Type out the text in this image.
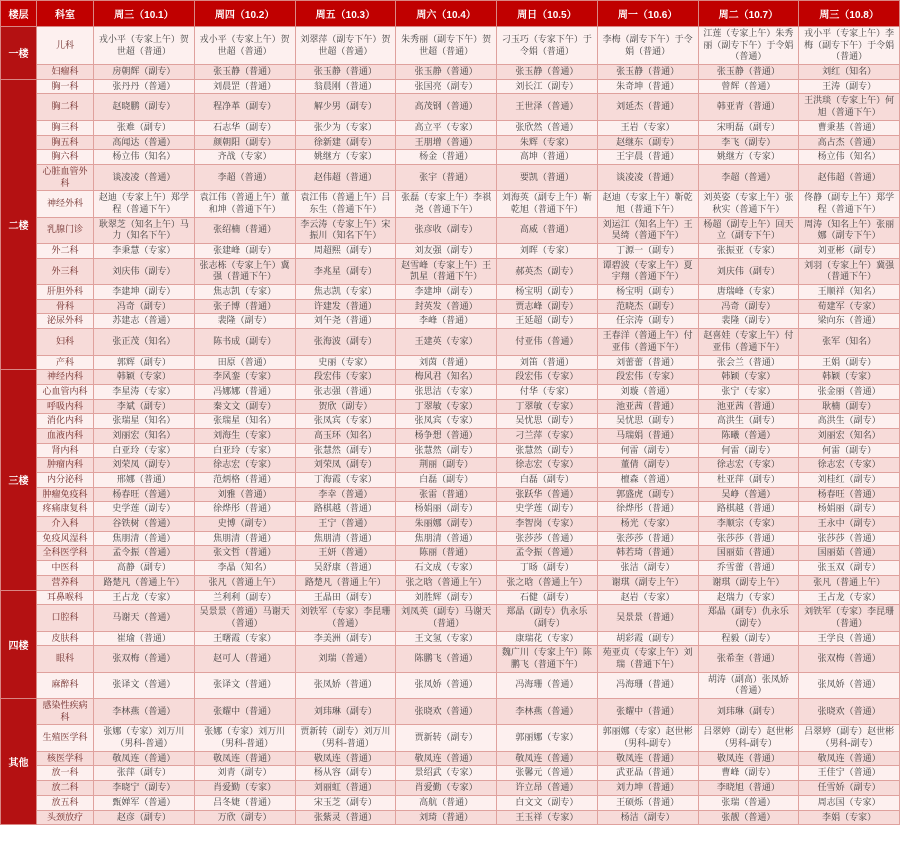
楼层	科室	周三（10.1）	周四（10.2）	周五（10.3）	周六（10.4）	周日（10.5）	周一（10.6）	周二（10.7）	周三（10.8）
一楼	儿科	戎小平（专家上午）贺世超（普通）	戎小平（专家上午）贺世超（普通）	刘翠萍（副专下午）贺世超（普通）	朱秀丽（副专下午）贺世超（普通）	刁玉巧（专家下午）于令娟（普通）	李梅（副专下午）于令娟（普通）	江莲（专家上午）朱秀丽（副专下午）于令娟（普通）	戎小平（专家上午）李梅（副专下午）于令娟（普通）
	妇瘤科	房朝辉（副专）	张玉静（普通）	张玉静（普通）	张玉静（普通）	张玉静（普通）	张玉静（普通）	张玉静（普通）	刘红（知名）
二楼	胸一科	张丹丹（普通）	刘晨罡（普通）	翁晨刚（普通）	张国亮（副专）	刘长江（副专）	朱奇坤（普通）	曾辉（普通）	王涛（副专）
	胸二科	赵晓鹏（副专）	程净革（副专）	解少男（副专）	高茂钢（普通）	王世泽（普通）	刘延杰（普通）	韩亚青（普通）	王洪琰（专家上午）何旭（普通下午）
	胸三科	张难（副专）	石志华（副专）	张少为（专家）	高立平（专家）	张欣然（普通）	王岩（专家）	宋明磊（副专）	曹秉基（普通）
	胸五科	高闻达（普通）	颜朝阳（副专）	徐新建（副专）	王朋增（普通）	朱辉（专家）	赵继东（副专）	李飞（副专）	高占杰（普通）
	胸六科	杨立伟（知名）	齐战（专家）	姚继方（专家）	杨金（普通）	高坤（普通）	王宇晨（普通）	姚继方（专家）	杨立伟（知名）
	心脏血管外科	谈凌凌（普通）	李超（普通）	赵伟超（普通）	张宇（普通）	要凯（普通）	谈凌凌（普通）	李超（普通）	赵伟超（普通）
	神经外科	赵迪（专家上午）郑学程（普通下午）	袁江伟（普通上午）董和坤（普通下午）	袁江伟（普通上午）吕东生（普通下午）	张磊（专家上午）李祺尧（普通下午）	刘海英（副专上午）靳乾旭（普通下午）	赵迪（专家上午）靳乾旭（普通下午）	刘英姿（专家上午）张秋实（普通下午）	佟静（副专上午）郑学程（普通下午）
	乳腺门诊	耿翠芝（知名上午）马力（知名下午）	张绍楠（普通）	李云涛（专家上午）宋振川（知名下午）	张彦收（副专）	高威（普通）	刘运江（知名上午）王昊绮（普通下午）	杨超（副专上午）回天立（副专下午）	周涛（知名上午）张丽娜（副专下午）
	外二科	李秉慧（专家）	张建峰（副专）	周超熙（副专）	刘友强（副专）	刘晖（专家）	丁源一（副专）	张振亚（专家）	刘亚彬（副专）
	外三科	刘庆伟（副专）	张志栋（专家上午）冀强（普通下午）	李兆星（副专）	赵雪峰（专家上午）王凯星（普通下午）	郝英杰（副专）	谭碧波（专家上午）夏宇翔（普通下午）	刘庆伟（副专）	刘羽（专家上午）冀强（普通下午）
	肝胆外科	李建坤（副专）	焦志凯（专家）	焦志凯（专家）	李建坤（副专）	杨宝明（副专）	杨宝明（副专）	唐瑞峰（专家）	王顺祥（知名）
	骨科	冯奇（副专）	张子博（普通）	许建发（普通）	封英发（普通）	贾志峰（副专）	范晓杰（副专）	冯奇（副专）	荀建军（专家）
	泌尿外科	苏建志（普通）	裴隆（副专）	刘午尧（普通）	李峰（普通）	王延超（副专）	任宗涛（副专）	裴隆（副专）	梁向东（普通）
	妇科	张正茂（知名）	陈书成（副专）	张海波（副专）	王建英（专家）	付亚伟（普通）	王春洋（普通上午）付亚伟（普通下午）	赵喜娃（专家上午）付亚伟（普通下午）	张军（知名）
	产科	郭辉（副专）	田原（普通）	史丽（专家）	刘茵（普通）	刘笛（普通）	刘蕾蕾（普通）	张会兰（普通）	王娟（副专）
三楼	神经内科	韩颖（专家）	李风銮（专家）	段宏伟（专家）	梅风君（知名）	段宏伟（专家）	段宏伟（专家）	韩颖（专家）	韩颖（专家）
	心血管内科	李星涛（专家）	冯娜娜（普通）	张志强（普通）	张思洁（专家）	付华（专家）	刘璇（普通）	张宁（专家）	张金丽（普通）
	呼吸内科	李斌（副专）	秦文文（副专）	贺欣（副专）	丁翠敏（专家）	丁翠敏（专家）	池亚茜（普通）	池亚茜（普通）	耿楠（副专）
	消化内科	张瑞星（知名）	张瑞星（知名）	张凤宾（专家）	张凤宾（专家）	吴忧思（副专）	吴忧思（副专）	高洪生（副专）	高洪生（副专）
	血液内科	刘丽宏（知名）	刘海生（专家）	高玉环（知名）	杨争想（普通）	刁兰萍（专家）	马瑞娟（普通）	陈曦（普通）	刘丽宏（知名）
	肾内科	白亚玲（专家）	白亚玲（专家）	张慧然（副专）	张慧然（副专）	张慧然（副专）	何雷（副专）	何雷（副专）	何雷（副专）
	肿瘤内科	刘荣凤（副专）	徐志宏（专家）	刘荣凤（副专）	荆丽（副专）	徐志宏（专家）	董倩（副专）	徐志宏（专家）	徐志宏（专家）
	内分泌科	邢娜（普通）	范炳格（普通）	丁海霞（专家）	白磊（副专）	白磊（副专）	檀森（普通）	杜亚萍（副专）	刘桂红（副专）
	肿瘤免疫科	杨春旺（普通）	刘雅（普通）	李幸（普通）	张雷（普通）	张跃华（普通）	郭盛虎（副专）	吴峥（普通）	杨春旺（普通）
	疼痛康复科	史学莲（副专）	徐烨彤（普通）	路棋越（普通）	杨娟丽（副专）	史学莲（副专）	徐烨彤（普通）	路棋越（普通）	杨娟丽（副专）
	介入科	谷铁树（普通）	史博（副专）	王宁（普通）	朱丽娜（副专）	李智岗（专家）	杨光（专家）	李顺宗（专家）	王永中（副专）
	免疫风湿科	焦朋清（普通）	焦朋清（普通）	焦朋清（普通）	焦朋清（普通）	张莎莎（普通）	张莎莎（普通）	张莎莎（普通）	张莎莎（普通）
	全科医学科	孟令振（普通）	张文哲（普通）	王妍（普通）	陈丽（普通）	孟令振（普通）	韩若琦（普通）	国丽茹（普通）	国丽茹（普通）
	中医科	高静（副专）	李晶（知名）	吴舒康（普通）	石文成（专家）	丁旸（副专）	张洁（副专）	乔雪蕾（普通）	张玉双（副专）
	营养科	路楚凡（普通上午）	张凡（普通上午）	路楚凡（普通上午）	张之晗（普通上午）	张之晗（普通上午）	谢琪（副专上午）	谢琪（副专上午）	张凡（普通上午）
四楼	耳鼻喉科	王占龙（专家）	兰利利（副专）	王晶田（副专）	刘胜辉（副专）	石健（副专）	赵岩（专家）	赵瑞力（专家）	王占龙（专家）
	口腔科	马谢天（普通）	吴景景（普通）马谢天（普通）	刘铁军（专家）李昆珊（普通）	刘凤英（副专）马谢天（普通）	郑晶（副专）仇永乐（副专）	吴景景（普通）	郑晶（副专）仇永乐（副专）	刘铁军（专家）李昆珊（普通）
	皮肤科	崔瑜（普通）	王曙霞（专家）	李美洲（副专）	王文氢（专家）	康瑞花（专家）	胡彩霞（副专）	程毅（副专）	王学良（普通）
	眼科	张双梅（普通）	赵可人（普通）	刘瑞（普通）	陈鹏飞（普通）	魏广川（专家上午）陈鹏飞（普通下午）	苑亚贞（专家上午）刘瑞（普通下午）	张希奎（普通）	张双梅（普通）
	麻醉科	张译文（普通）	张译文（普通）	张凤娇（普通）	张凤娇（普通）	冯海珊（普通）	冯海珊（普通）	胡涛（副高）张凤娇（普通）	张凤娇（普通）
其他	感染性疾病科	李林燕（普通）	张耀中（普通）	刘玮琳（副专）	张晓欢（普通）	李林燕（普通）	张耀中（普通）	刘玮琳（副专）	张晓欢（普通）
	生殖医学科	张娜（专家）刘万川（男科-普通）	张娜（专家）刘万川（男科-普通）	贾新转（副专）刘万川（男科-普通）	贾新转（副专）	郭丽娜（专家）	郭丽娜（专家）赵世彬（男科-副专）	吕翠婷（副专）赵世彬（男科-副专）	吕翠婷（副专）赵世彬（男科-副专）
	核医学科	敬凤连（普通）	敬凤连（普通）	敬凤连（普通）	敬凤连（普通）	敬凤连（普通）	敬凤连（普通）	敬凤连（普通）	敬凤连（普通）
	放一科	张萍（副专）	刘青（副专）	杨从容（副专）	景绍武（专家）	张馨元（普通）	武亚晶（普通）	曹峰（副专）	王佳宁（普通）
	放二科	李晓宁（副专）	肖爱勤（专家）	刘丽虹（普通）	肖爱勤（专家）	许立昂（普通）	刘力坤（普通）	李晓旭（普通）	任雪娇（副专）
	放五科	甄婵军（普通）	吕冬婕（普通）	宋玉芝（副专）	高航（普通）	白文文（副专）	王硕烁（普通）	张瑞（普通）	周志国（专家）
	头颈放疗	赵彦（副专）	万欣（副专）	张紫灵（普通）	刘琦（普通）	王玉祥（专家）	杨洁（副专）	张靓（普通）	李娟（专家）
